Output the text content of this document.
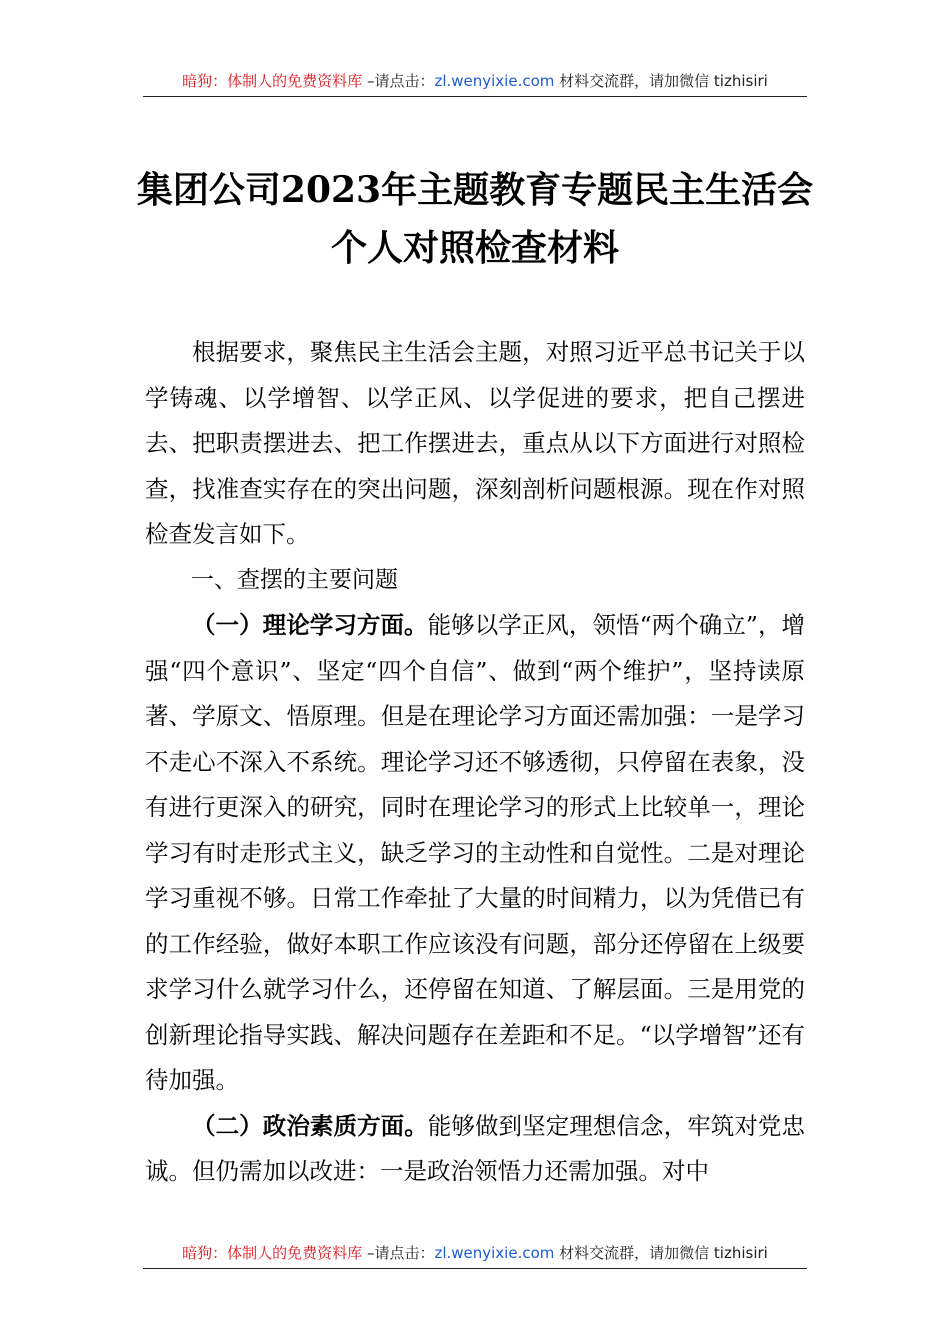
暗狗：体制人的免费资料库 –请点击：zl.wenyixie.com 材料交流群，请加微信 tizhisiri
集团公司2023年主题教育专题民主生活会
个人对照检查材料

根据要求，聚焦民主生活会主题，对照习近平总书记关于以学铸魂、以学增智、以学正风、以学促进的要求，把自己摆进去、把职责摆进去、把工作摆进去，重点从以下方面进行对照检查，找准查实存在的突出问题，深刻剖析问题根源。现在作对照检查发言如下。

一、查摆的主要问题

（一）理论学习方面。能够以学正风，领悟“两个确立”，增强“四个意识”、坚定“四个自信”、做到“两个维护”，坚持读原著、学原文、悟原理。但是在理论学习方面还需加强：一是学习不走心不深入不系统。理论学习还不够透彻，只停留在表象，没有进行更深入的研究，同时在理论学习的形式上比较单一，理论学习有时走形式主义，缺乏学习的主动性和自觉性。二是对理论学习重视不够。日常工作牵扯了大量的时间精力，以为凭借已有的工作经验，做好本职工作应该没有问题，部分还停留在上级要求学习什么就学习什么，还停留在知道、了解层面。三是用党的创新理论指导实践、解决问题存在差距和不足。“以学增智”还有待加强。

（二）政治素质方面。能够做到坚定理想信念，牢筑对党忠诚。但仍需加以改进：一是政治领悟力还需加强。对中

暗狗：体制人的免费资料库 –请点击：zl.wenyixie.com 材料交流群，请加微信 tizhisiri
